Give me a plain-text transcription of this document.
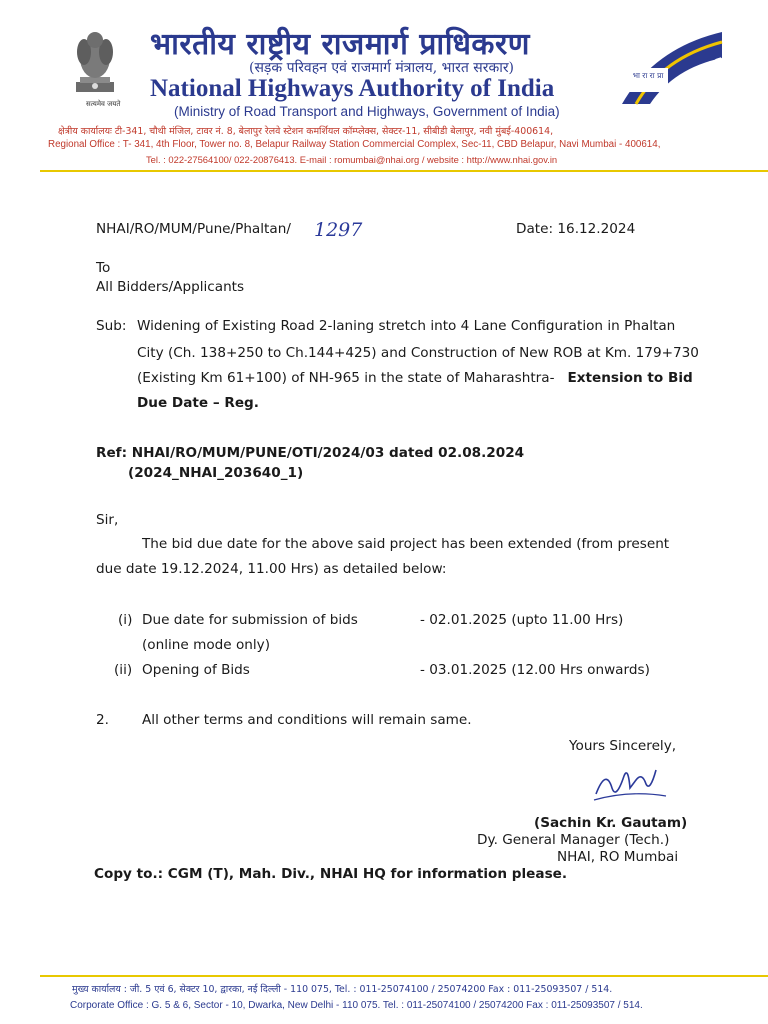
सत्यमेव जयते
भारतीय राष्ट्रीय राजमार्ग प्राधिकरण
(सड़क परिवहन एवं राजमार्ग मंत्रालय, भारत सरकार)
National Highways Authority of India
(Ministry of Road Transport and Highways, Government of India)
भा रा रा प्रा
NHAI
क्षेत्रीय कार्यालयः टी-341, चौथी मंजिल, टावर नं. 8, बेलापुर रेलवे स्टेशन कमर्शियल कॉम्प्लेक्स, सेक्टर-11, सीबीडी बेलापुर, नवी मुंबई-400614,
Regional Office : T- 341, 4th Floor, Tower no. 8, Belapur Railway Station Commercial Complex, Sec-11, CBD Belapur, Navi Mumbai - 400614,
Tel. : 022-27564100/ 022-20876413. E-mail : romumbai@nhai.org / website : http://www.nhai.gov.in
NHAI/RO/MUM/Pune/Phaltan/ 1297	Date: 16.12.2024
To
All Bidders/Applicants
Sub: Widening of Existing Road 2-laning stretch into 4 Lane Configuration in Phaltan
City (Ch. 138+250 to Ch.144+425) and Construction of New ROB at Km. 179+730
(Existing Km 61+100) of NH-965 in the state of Maharashtra- Extension to Bid
Due Date – Reg.
Ref: NHAI/RO/MUM/PUNE/OTI/2024/03 dated 02.08.2024
(2024_NHAI_203640_1)
Sir,
The bid due date for the above said project has been extended (from present
due date 19.12.2024, 11.00 Hrs) as detailed below:
(i) Due date for submission of bids
(online mode only)
- 02.01.2025 (upto 11.00 Hrs)
(ii) Opening of Bids	- 03.01.2025 (12.00 Hrs onwards)
2. All other terms and conditions will remain same.
Yours Sincerely,
(Sachin Kr. Gautam)
Dy. General Manager (Tech.)
NHAI, RO Mumbai
Copy to.: CGM (T), Mah. Div., NHAI HQ for information please.
मुख्य कार्यालय : जी. 5 एवं 6, सेक्टर 10, द्वारका, नई दिल्ली - 110 075, Tel. : 011-25074100 / 25074200 Fax : 011-25093507 / 514.
Corporate Office : G. 5 & 6, Sector - 10, Dwarka, New Delhi - 110 075. Tel. : 011-25074100 / 25074200 Fax : 011-25093507 / 514.
